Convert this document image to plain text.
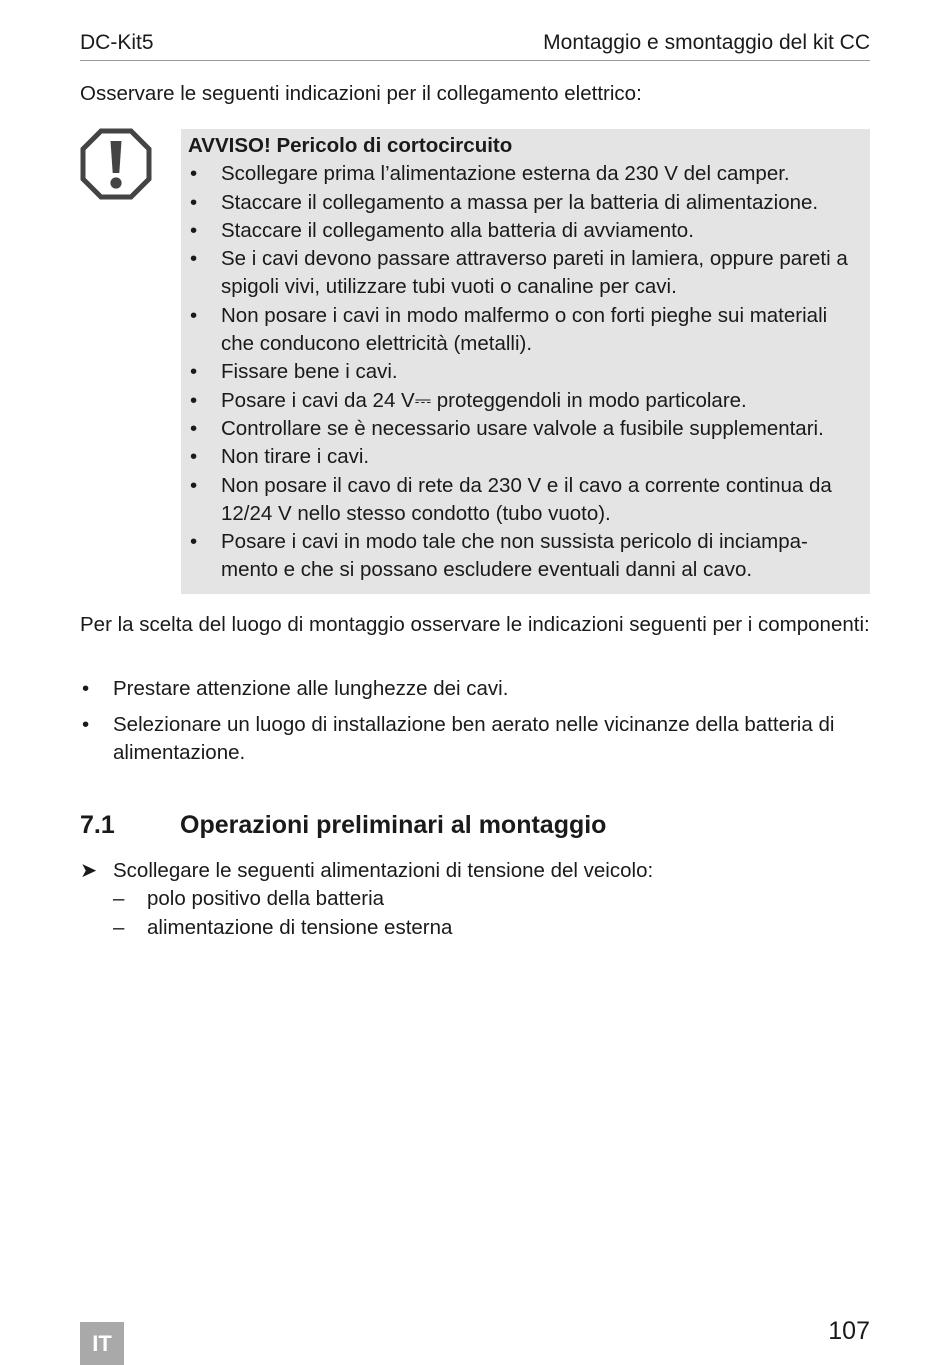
DC-Kit5	Montaggio e smontaggio del kit CC
Osservare le seguenti indicazioni per il collegamento elettrico:
AVVISO! Pericolo di cortocircuito
• Scollegare prima l’alimentazione esterna da 230 V del camper.
• Staccare il collegamento a massa per la batteria di alimentazione.
• Staccare il collegamento alla batteria di avviamento.
• Se i cavi devono passare attraverso pareti in lamiera, oppure pareti a spigoli vivi, utilizzare tubi vuoti o canaline per cavi.
• Non posare i cavi in modo malfermo o con forti pieghe sui materiali che conducono elettricità (metalli).
• Fissare bene i cavi.
• Posare i cavi da 24 V⎓ proteggendoli in modo particolare.
• Controllare se è necessario usare valvole a fusibile supplementari.
• Non tirare i cavi.
• Non posare il cavo di rete da 230 V e il cavo a corrente continua da 12/24 V nello stesso condotto (tubo vuoto).
• Posare i cavi in modo tale che non sussista pericolo di inciampa-mento e che si possano escludere eventuali danni al cavo.
Per la scelta del luogo di montaggio osservare le indicazioni seguenti per i componenti:
• Prestare attenzione alle lunghezze dei cavi.
• Selezionare un luogo di installazione ben aerato nelle vicinanze della batteria di alimentazione.
7.1	Operazioni preliminari al montaggio
➤ Scollegare le seguenti alimentazioni di tensione del veicolo:
– polo positivo della batteria
– alimentazione di tensione esterna
IT	107
